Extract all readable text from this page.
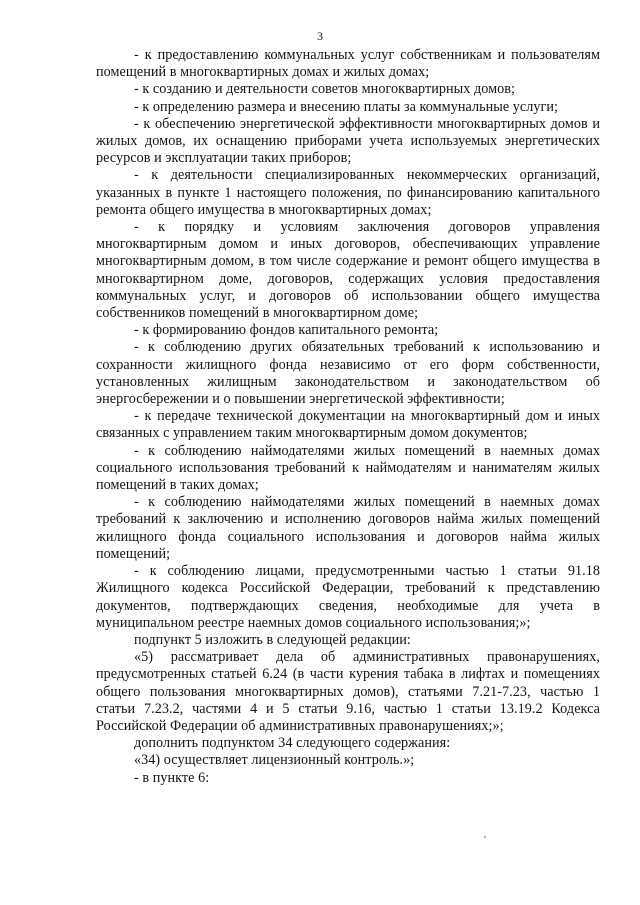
3

- к предоставлению коммунальных услуг собственникам и пользователям помещений в многоквартирных домах и жилых домах;

- к созданию и деятельности советов многоквартирных домов;

- к определению размера и внесению платы за коммунальные услуги;

- к обеспечению энергетической эффективности многоквартирных домов и жилых домов, их оснащению приборами учета используемых энергетических ресурсов и эксплуатации таких приборов;

- к деятельности специализированных некоммерческих организаций, указанных в пункте 1 настоящего положения, по финансированию капитального ремонта общего имущества в многоквартирных домах;

- к порядку и условиям заключения договоров управления многоквартирным домом и иных договоров, обеспечивающих управление многоквартирным домом, в том числе содержание и ремонт общего имущества в многоквартирном доме, договоров, содержащих условия предоставления коммунальных услуг, и договоров об использовании общего имущества собственников помещений в многоквартирном доме;

- к формированию фондов капитального ремонта;

- к соблюдению других обязательных требований к использованию и сохранности жилищного фонда независимо от его форм собственности, установленных жилищным законодательством и законодательством об энергосбережении и о повышении энергетической эффективности;

- к передаче технической документации на многоквартирный дом и иных связанных с управлением таким многоквартирным домом документов;

- к соблюдению наймодателями жилых помещений в наемных домах социального использования требований к наймодателям и нанимателям жилых помещений в таких домах;

- к соблюдению наймодателями жилых помещений в наемных домах требований к заключению и исполнению договоров найма жилых помещений жилищного фонда социального использования и договоров найма жилых помещений;

- к соблюдению лицами, предусмотренными частью 1 статьи 91.18 Жилищного кодекса Российской Федерации, требований к представлению документов, подтверждающих сведения, необходимые для учета в муниципальном реестре наемных домов социального использования;»;

подпункт 5 изложить в следующей редакции:

«5) рассматривает дела об административных правонарушениях, предусмотренных статьей 6.24 (в части курения табака в лифтах и помещениях общего пользования многоквартирных домов), статьями 7.21-7.23, частью 1 статьи 7.23.2, частями 4 и 5 статьи 9.16, частью 1 статьи 13.19.2 Кодекса Российской Федерации об административных правонарушениях;»;

дополнить подпунктом 34 следующего содержания:

«34) осуществляет лицензионный контроль.»;

- в пункте 6:
